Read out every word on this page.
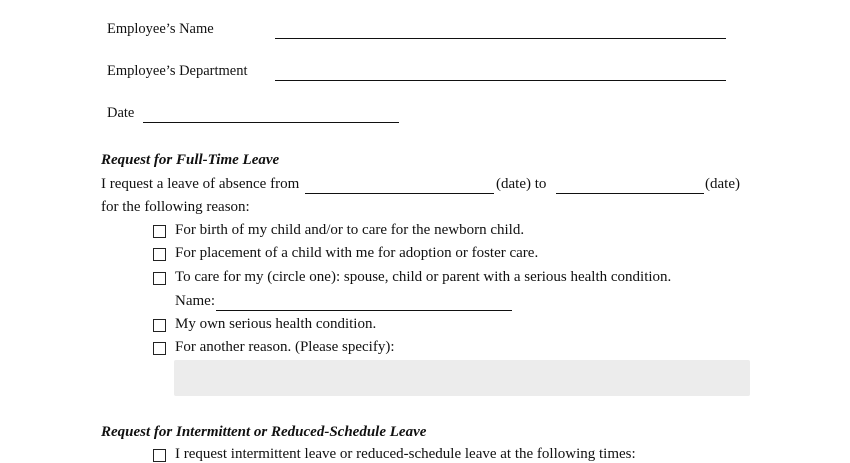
Employee’s Name
Employee’s Department
Date
Request for Full-Time Leave
I request a leave of absence from	(date) to	(date)
for the following reason:
For birth of my child and/or to care for the newborn child.
For placement of a child with me for adoption or foster care.
To care for my (circle one): spouse, child or parent with a serious health condition.
Name:
My own serious health condition.
For another reason. (Please specify):
Request for Intermittent or Reduced-Schedule Leave
I request intermittent leave or reduced-schedule leave at the following times:
